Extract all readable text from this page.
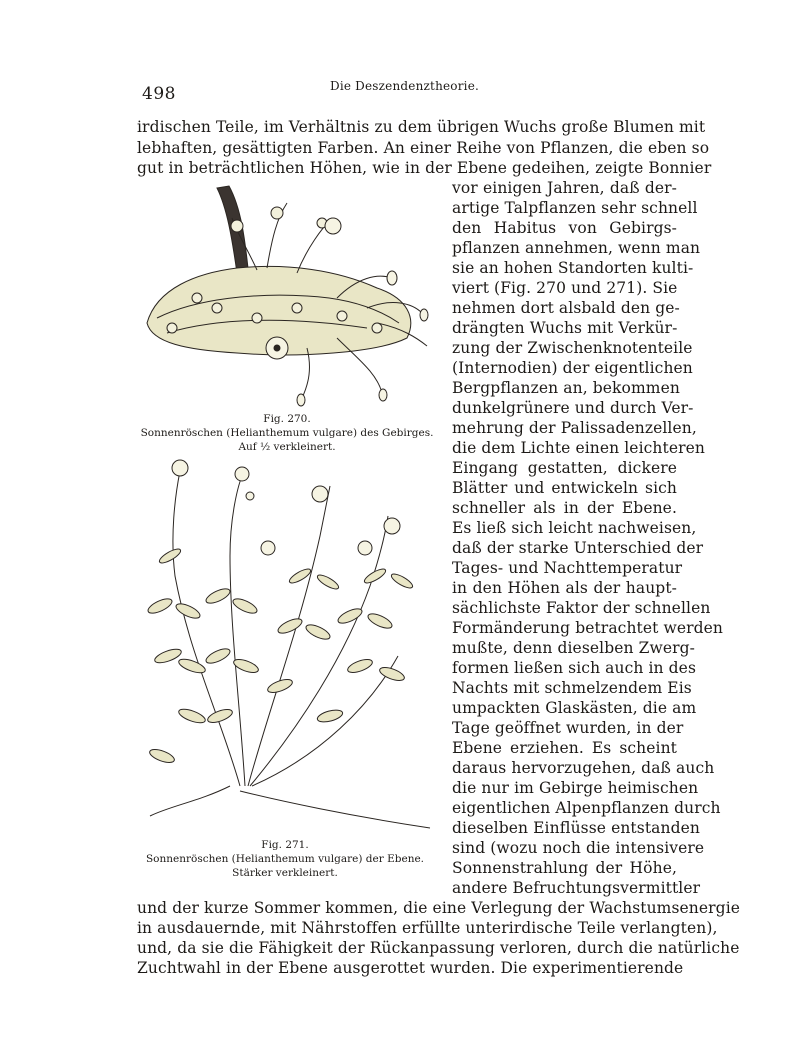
498	Die Deszendenztheorie.
irdischen Teile, im Verhältnis zu dem übrigen Wuchs große Blumen mit
lebhaften, gesättigten Farben. An einer Reihe von Pflanzen, die eben so
gut in beträchtlichen Höhen, wie in der Ebene gedeihen, zeigte Bonnier
vor einigen Jahren, daß der-
artige Talpflanzen sehr schnell
den Habitus von Gebirgs-
pflanzen annehmen, wenn man
sie an hohen Standorten kulti-
viert (Fig. 270 und 271). Sie
nehmen dort alsbald den ge-
drängten Wuchs mit Verkür-
zung der Zwischenknotenteile
(Internodien) der eigentlichen
Bergpflanzen an, bekommen
dunkelgrünere und durch Ver-
mehrung der Palissadenzellen,
die dem Lichte einen leichteren
Eingang gestatten, dickere
Blätter und entwickeln sich
schneller als in der Ebene.
Es ließ sich leicht nachweisen,
daß der starke Unterschied der
Tages- und Nachttemperatur
in den Höhen als der haupt-
sächlichste Faktor der schnellen
Formänderung betrachtet werden
mußte, denn dieselben Zwerg-
formen ließen sich auch in des
Nachts mit schmelzendem Eis
umpackten Glaskästen, die am
Tage geöffnet wurden, in der
Ebene erziehen. Es scheint
daraus hervorzugehen, daß auch
die nur im Gebirge heimischen
eigentlichen Alpenpflanzen durch
dieselben Einflüsse entstanden
sind (wozu noch die intensivere
Sonnenstrahlung der Höhe,
andere Befruchtungsvermittler
und der kurze Sommer kommen, die eine Verlegung der Wachstumsenergie
in ausdauernde, mit Nährstoffen erfüllte unterirdische Teile verlangten),
und, da sie die Fähigkeit der Rückanpassung verloren, durch die natürliche
Zuchtwahl in der Ebene ausgerottet wurden. Die experimentierende
Fig. 270.
Sonnenröschen (Helianthemum vulgare) des Gebirges.
Auf ½ verkleinert.
Fig. 271.
Sonnenröschen (Helianthemum vulgare) der Ebene.
Stärker verkleinert.
